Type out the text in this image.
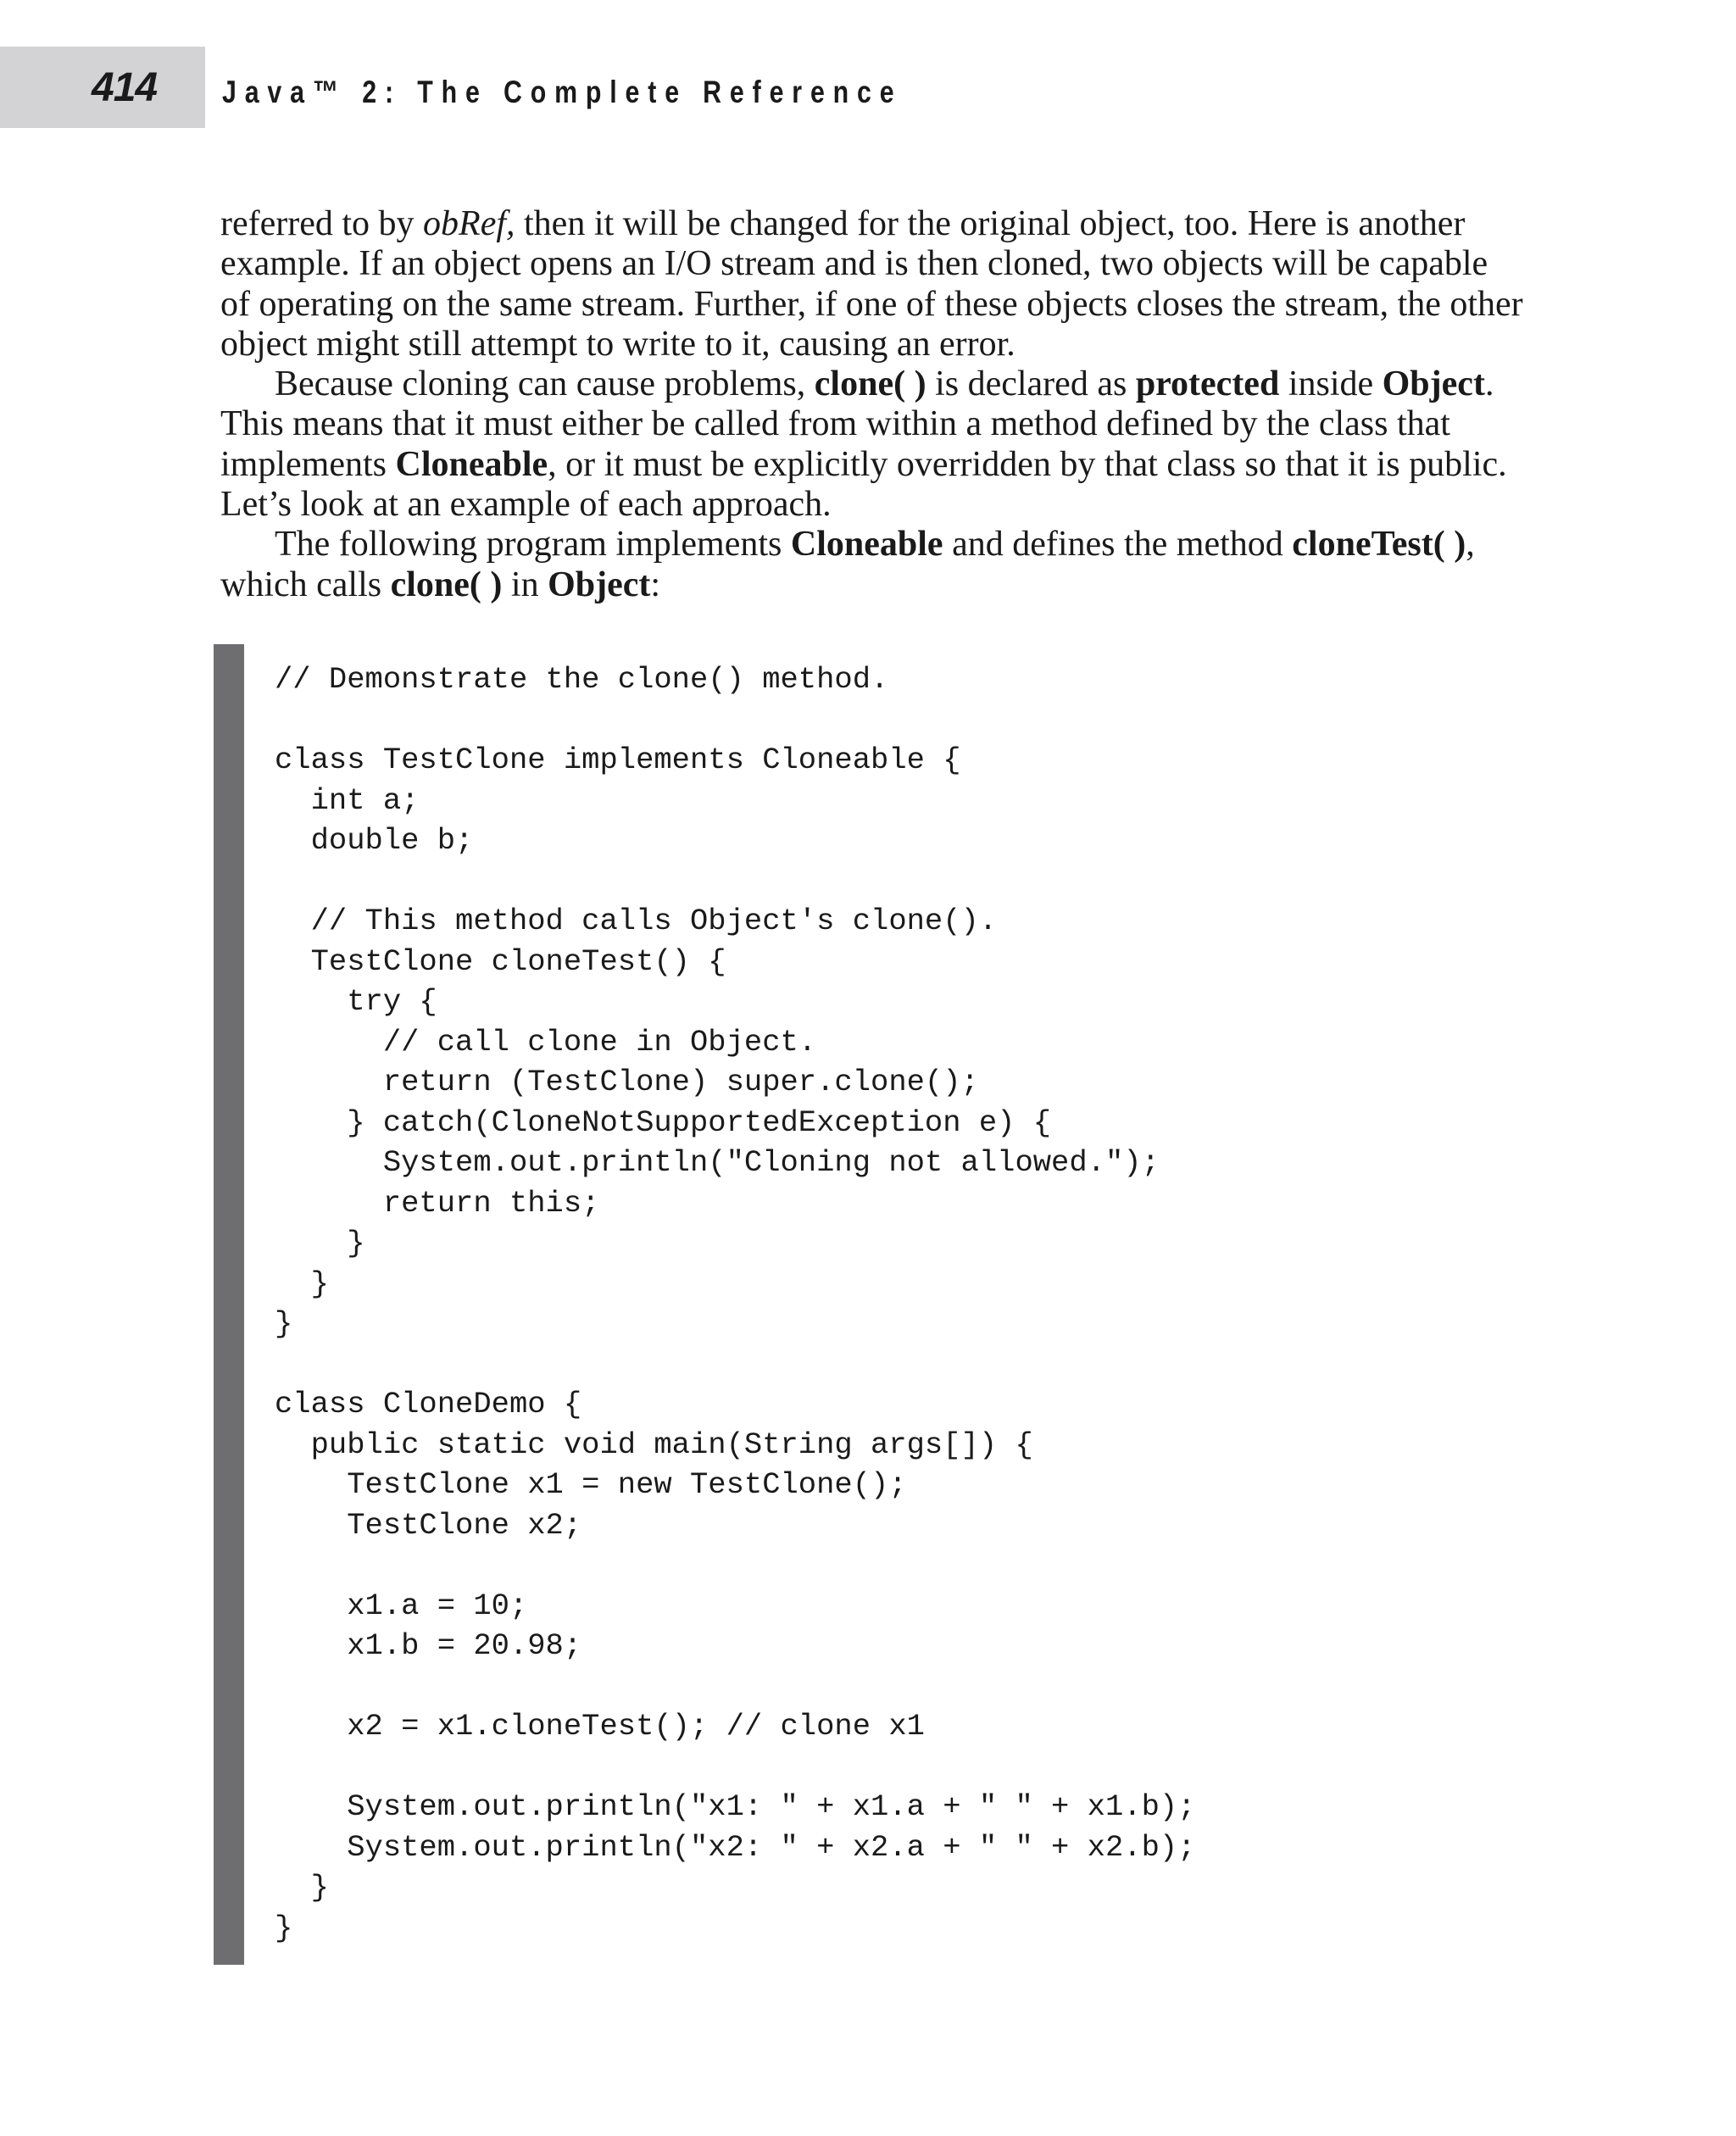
414 Java™ 2: The Complete Reference

referred to by obRef, then it will be changed for the original object, too. Here is another example. If an object opens an I/O stream and is then cloned, two objects will be capable of operating on the same stream. Further, if one of these objects closes the stream, the other object might still attempt to write to it, causing an error.

Because cloning can cause problems, clone( ) is declared as protected inside Object. This means that it must either be called from within a method defined by the class that implements Cloneable, or it must be explicitly overridden by that class so that it is public. Let’s look at an example of each approach.

The following program implements Cloneable and defines the method cloneTest( ), which calls clone( ) in Object:

// Demonstrate the clone() method.

class TestClone implements Cloneable {
int a;
double b;

// This method calls Object's clone().
TestClone cloneTest() {
try {
// call clone in Object.
return (TestClone) super.clone();
} catch(CloneNotSupportedException e) {
System.out.println("Cloning not allowed.");
return this;
}
}
}

class CloneDemo {
public static void main(String args[]) {
TestClone x1 = new TestClone();
TestClone x2;

x1.a = 10;
x1.b = 20.98;

x2 = x1.cloneTest(); // clone x1

System.out.println("x1: " + x1.a + " " + x1.b);
System.out.println("x2: " + x2.a + " " + x2.b);
}
}
